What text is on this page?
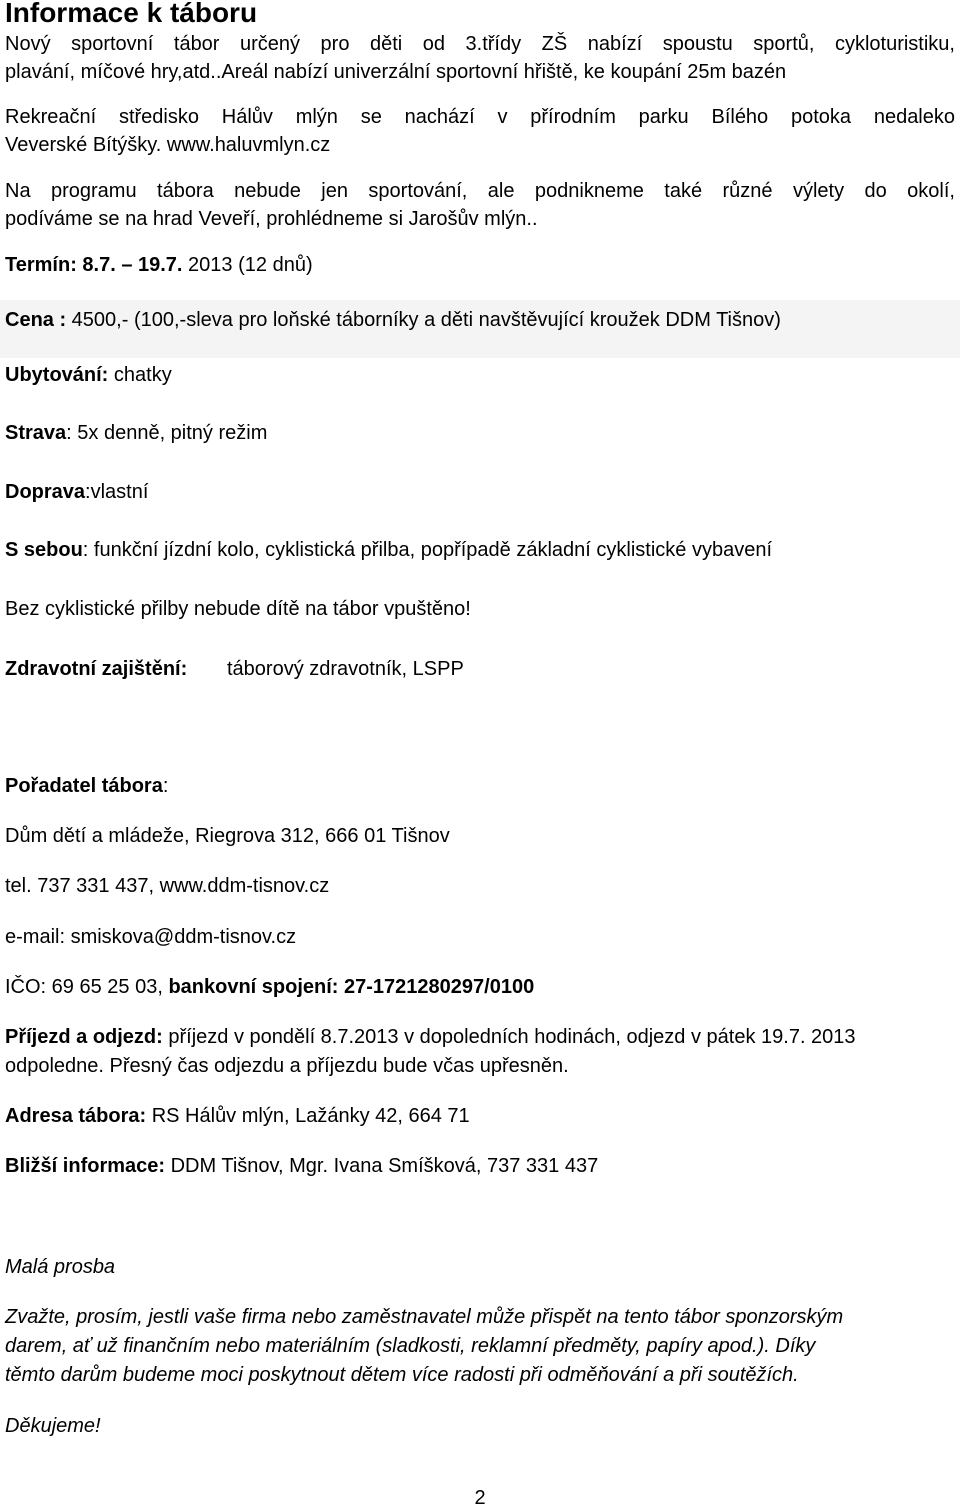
Informace k táboru
Nový sportovní tábor určený pro děti od 3.třídy ZŠ nabízí spoustu sportů, cykloturistiku,
plavání, míčové hry,atd..Areál nabízí univerzální sportovní hřiště, ke koupání 25m bazén
Rekreační středisko Hálův mlýn se nachází v přírodním parku Bílého potoka nedaleko
Veverské Bítýšky. www.haluvmlyn.cz
Na programu tábora nebude jen sportování, ale podnikneme také různé výlety do okolí,
podíváme se na hrad Veveří, prohlédneme si Jarošův mlýn..
Termín: 8.7. – 19.7. 2013 (12 dnů)
Cena : 4500,- (100,-sleva pro loňské táborníky a děti navštěvující kroužek DDM Tišnov)
Ubytování: chatky
Strava: 5x denně, pitný režim
Doprava:vlastní
S sebou: funkční jízdní kolo, cyklistická přilba, popřípadě základní cyklistické vybavení
Bez cyklistické přilby nebude dítě na tábor vpuštěno!
Zdravotní zajištění: táborový zdravotník, LSPP
Pořadatel tábora:
Dům dětí a mládeže, Riegrova 312, 666 01 Tišnov
tel. 737 331 437, www.ddm-tisnov.cz
e-mail: smiskova@ddm-tisnov.cz
IČO: 69 65 25 03, bankovní spojení: 27-1721280297/0100
Příjezd a odjezd: příjezd v pondělí 8.7.2013 v dopoledních hodinách, odjezd v pátek 19.7. 2013
odpoledne. Přesný čas odjezdu a příjezdu bude včas upřesněn.
Adresa tábora: RS Hálův mlýn, Lažánky 42, 664 71
Bližší informace: DDM Tišnov, Mgr. Ivana Smíšková, 737 331 437
Malá prosba
Zvažte, prosím, jestli vaše firma nebo zaměstnavatel může přispět na tento tábor sponzorským
darem, ať už finančním nebo materiálním (sladkosti, reklamní předměty, papíry apod.). Díky
těmto darům budeme moci poskytnout dětem více radosti při odměňování a při soutěžích.
Děkujeme!
2
